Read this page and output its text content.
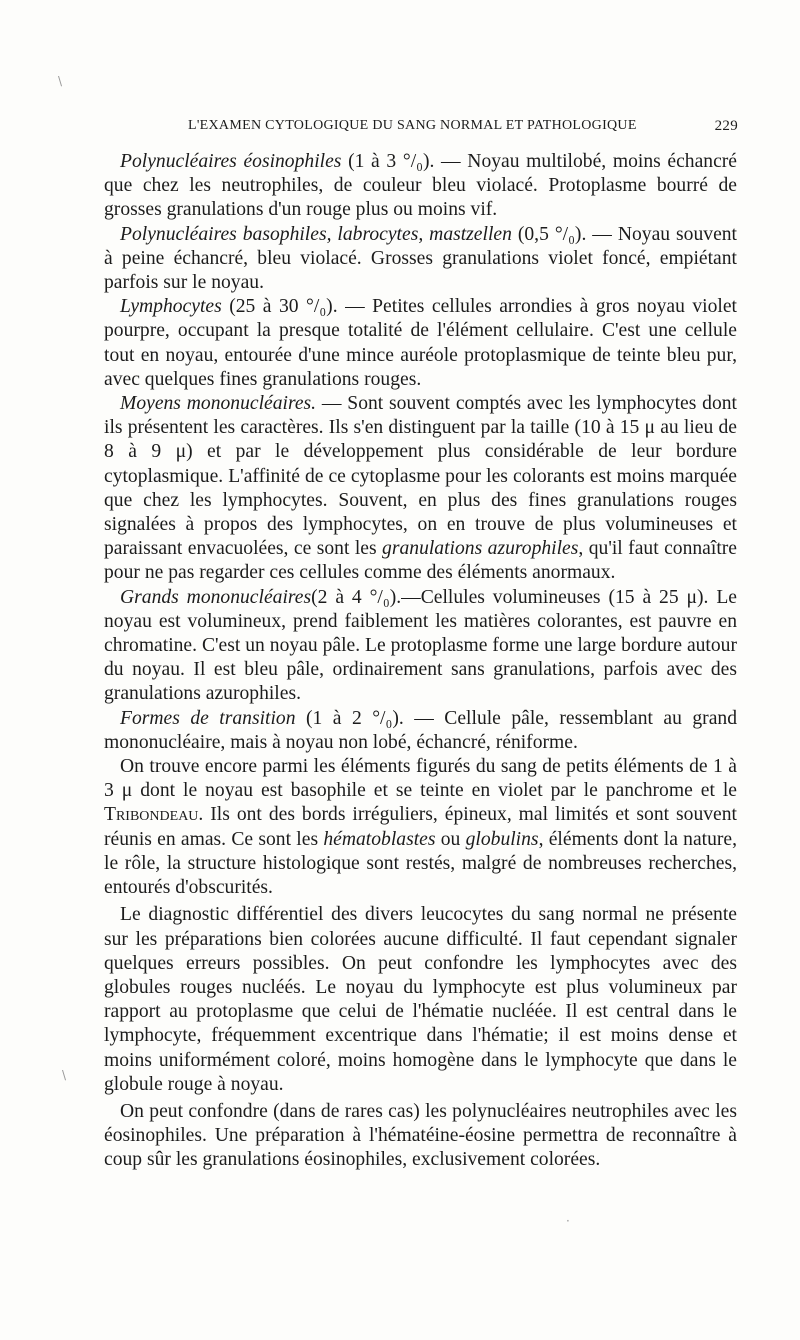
L'EXAMEN CYTOLOGIQUE DU SANG NORMAL ET PATHOLOGIQUE	229

Polynucléaires éosinophiles (1 à 3 °/₀). — Noyau multilobé, moins échancré que chez les neutrophiles, de couleur bleu violacé. Protoplasme bourré de grosses granulations d'un rouge plus ou moins vif.

Polynucléaires basophiles, labrocytes, mastzellen (0,5 °/₀). — Noyau souvent à peine échancré, bleu violacé. Grosses granulations violet foncé, empiétant parfois sur le noyau.

Lymphocytes (25 à 30 °/₀). — Petites cellules arrondies à gros noyau violet pourpre, occupant la presque totalité de l'élément cellulaire. C'est une cellule tout en noyau, entourée d'une mince auréole protoplasmique de teinte bleu pur, avec quelques fines granulations rouges.

Moyens mononucléaires. — Sont souvent comptés avec les lymphocytes dont ils présentent les caractères. Ils s'en distinguent par la taille (10 à 15 μ au lieu de 8 à 9 μ) et par le développement plus considérable de leur bordure cytoplasmique. L'affinité de ce cytoplasme pour les colorants est moins marquée que chez les lymphocytes. Souvent, en plus des fines granulations rouges signalées à propos des lymphocytes, on en trouve de plus volumineuses et paraissant envacuolées, ce sont les granulations azurophiles, qu'il faut connaître pour ne pas regarder ces cellules comme des éléments anormaux.

Grands mononucléaires(2 à 4 °/₀).—Cellules volumineuses (15 à 25 μ). Le noyau est volumineux, prend faiblement les matières colorantes, est pauvre en chromatine. C'est un noyau pâle. Le protoplasme forme une large bordure autour du noyau. Il est bleu pâle, ordinairement sans granulations, parfois avec des granulations azurophiles.

Formes de transition (1 à 2 °/₀). — Cellule pâle, ressemblant au grand mononucléaire, mais à noyau non lobé, échancré, réniforme.

On trouve encore parmi les éléments figurés du sang de petits éléments de 1 à 3 μ dont le noyau est basophile et se teinte en violet par le panchrome et le Tribondeau. Ils ont des bords irréguliers, épineux, mal limités et sont souvent réunis en amas. Ce sont les hématoblastes ou globulins, éléments dont la nature, le rôle, la structure histologique sont restés, malgré de nombreuses recherches, entourés d'obscurités.

Le diagnostic différentiel des divers leucocytes du sang normal ne présente sur les préparations bien colorées aucune difficulté. Il faut cependant signaler quelques erreurs possibles. On peut confondre les lymphocytes avec des globules rouges nucléés. Le noyau du lymphocyte est plus volumineux par rapport au protoplasme que celui de l'hématie nucléée. Il est central dans le lymphocyte, fréquemment excentrique dans l'hématie; il est moins dense et moins uniformément coloré, moins homogène dans le lymphocyte que dans le globule rouge à noyau.

On peut confondre (dans de rares cas) les polynucléaires neutrophiles avec les éosinophiles. Une préparation à l'hématéine-éosine permettra de reconnaître à coup sûr les granulations éosinophiles, exclusivement colorées.

\
\
·
